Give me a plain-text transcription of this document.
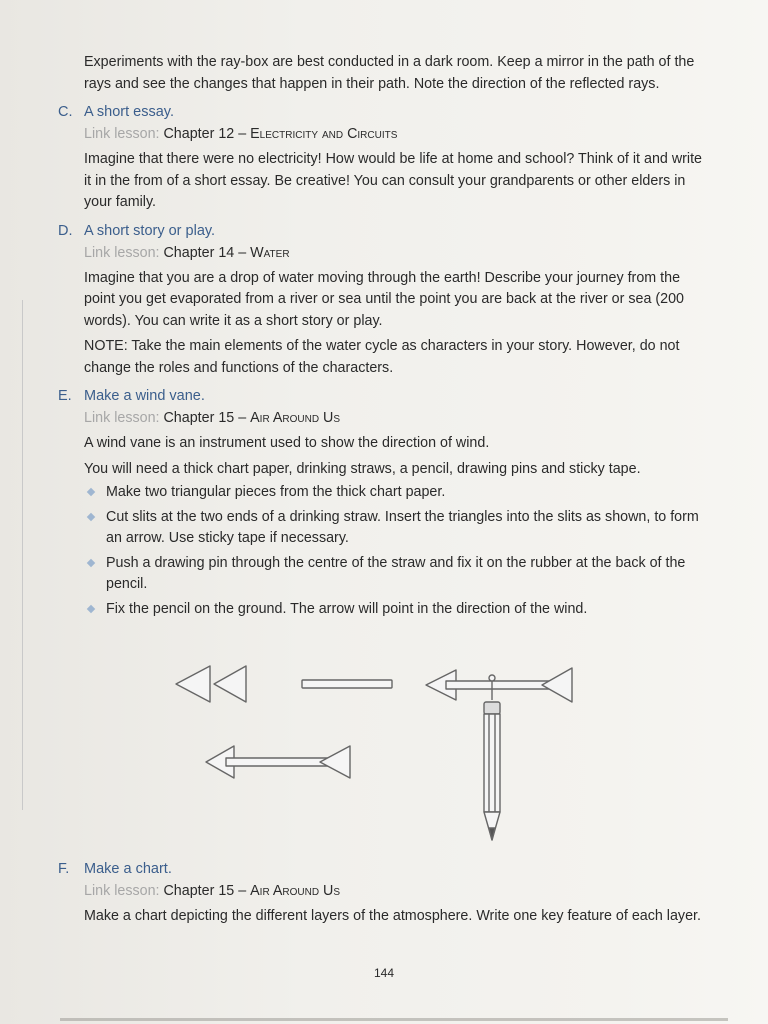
Experiments with the ray-box are best conducted in a dark room. Keep a mirror in the path of the rays and see the changes that happen in their path. Note the direction of the reflected rays.

C. A short essay.
Link lesson: Chapter 12 – Electricity and Circuits

Imagine that there were no electricity! How would be life at home and school? Think of it and write it in the from of a short essay. Be creative! You can consult your grandparents or other elders in your family.

D. A short story or play.
Link lesson: Chapter 14 – Water

Imagine that you are a drop of water moving through the earth! Describe your journey from the point you get evaporated from a river or sea until the point you are back at the river or sea (200 words). You can write it as a short story or play.

NOTE: Take the main elements of the water cycle as characters in your story. However, do not change the roles and functions of the characters.

E. Make a wind vane.
Link lesson: Chapter 15 – Air Around Us

A wind vane is an instrument used to show the direction of wind.

You will need a thick chart paper, drinking straws, a pencil, drawing pins and sticky tape.

Make two triangular pieces from the thick chart paper.
Cut slits at the two ends of a drinking straw. Insert the triangles into the slits as shown, to form an arrow. Use sticky tape if necessary.
Push a drawing pin through the centre of the straw and fix it on the rubber at the back of the pencil.
Fix the pencil on the ground. The arrow will point in the direction of the wind.
F.	Make a chart.
Link lesson: Chapter 15 – Air Around Us

Make a chart depicting the different layers of the atmosphere. Write one key feature of each layer.

144
